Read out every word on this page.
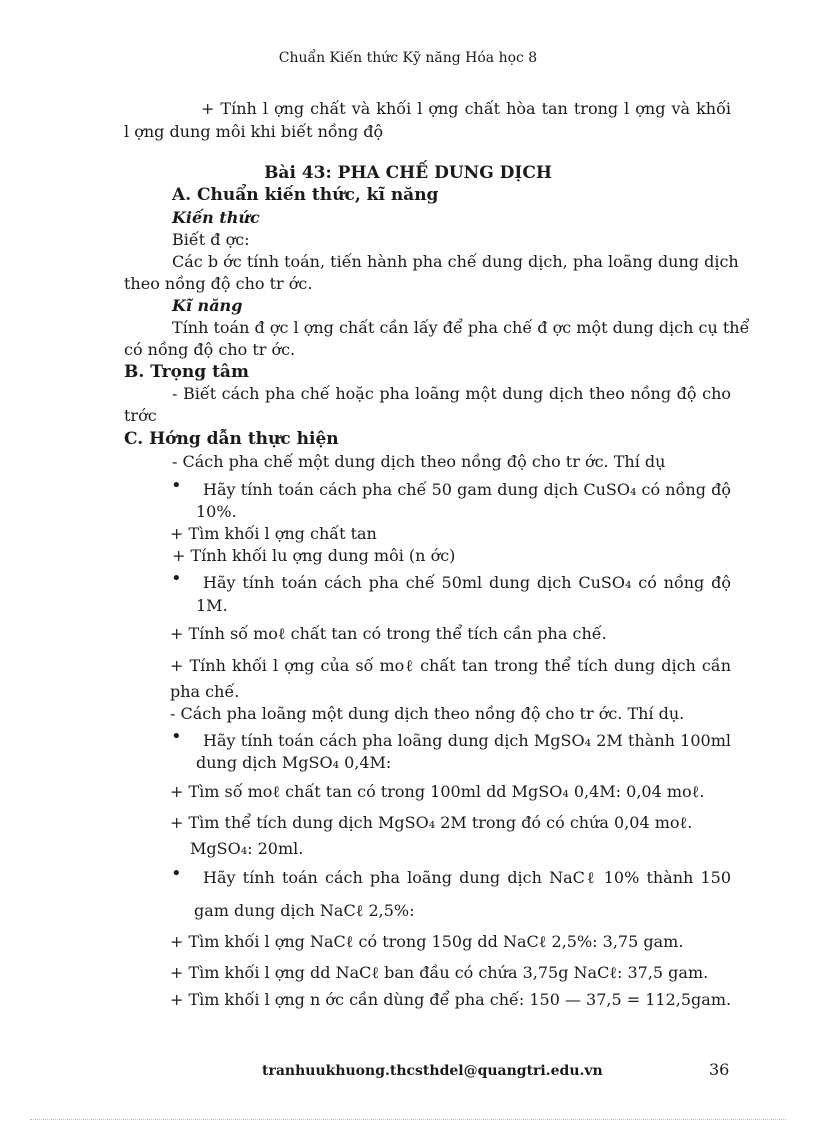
Chuẩn Kiến thức Kỹ năng Hóa học 8
+ Tính l ợng chất và khối l ợng chất hòa tan trong l ợng và khối
l ợng dung môi khi biết nồng độ
Bài 43: PHA CHẾ DUNG DỊCH
A. Chuẩn kiến thức, kĩ năng
Kiến thức
Biết đ ợc:
Các b ớc tính toán, tiến hành pha chế dung dịch, pha loãng dung dịch
theo nồng độ cho tr ớc.
Kĩ năng
Tính toán đ ợc l ợng chất cần lấy để pha chế đ ợc một dung dịch cụ thể
có nồng độ cho tr ớc.
B. Trọng tâm
- Biết cách pha chế hoặc pha loãng một dung dịch theo nồng độ cho
trớc
C. Hớng dẫn thực hiện
- Cách pha chế một dung dịch theo nồng độ cho tr ớc. Thí dụ
• Hãy tính toán cách pha chế 50 gam dung dịch CuSO₄ có nồng độ
10%.
+ Tìm khối l ợng chất tan
+ Tính khối lu ợng dung môi (n ớc)
• Hãy tính toán cách pha chế 50ml dung dịch CuSO₄ có nồng độ
1M.
+ Tính số moℓ chất tan có trong thể tích cần pha chế.
+ Tính khối l ợng của số moℓ chất tan trong thể tích dung dịch cần
pha chế.
- Cách pha loãng một dung dịch theo nồng độ cho tr ớc. Thí dụ.
• Hãy tính toán cách pha loãng dung dịch MgSO₄ 2M thành 100ml
dung dịch MgSO₄ 0,4M:
+ Tìm số moℓ chất tan có trong 100ml dd MgSO₄ 0,4M: 0,04 moℓ.
+ Tìm thể tích dung dịch MgSO₄ 2M trong đó có chứa 0,04 moℓ.
MgSO₄: 20ml.
• Hãy tính toán cách pha loãng dung dịch NaCℓ 10% thành 150
gam dung dịch NaCℓ 2,5%:
+ Tìm khối l ợng NaCℓ có trong 150g dd NaCℓ 2,5%: 3,75 gam.
+ Tìm khối l ợng dd NaCℓ ban đầu có chứa 3,75g NaCℓ: 37,5 gam.
+ Tìm khối l ợng n ớc cần dùng để pha chế: 150 — 37,5 = 112,5gam.
tranhuukhuong.thcsthdel@quangtri.edu.vn	36
